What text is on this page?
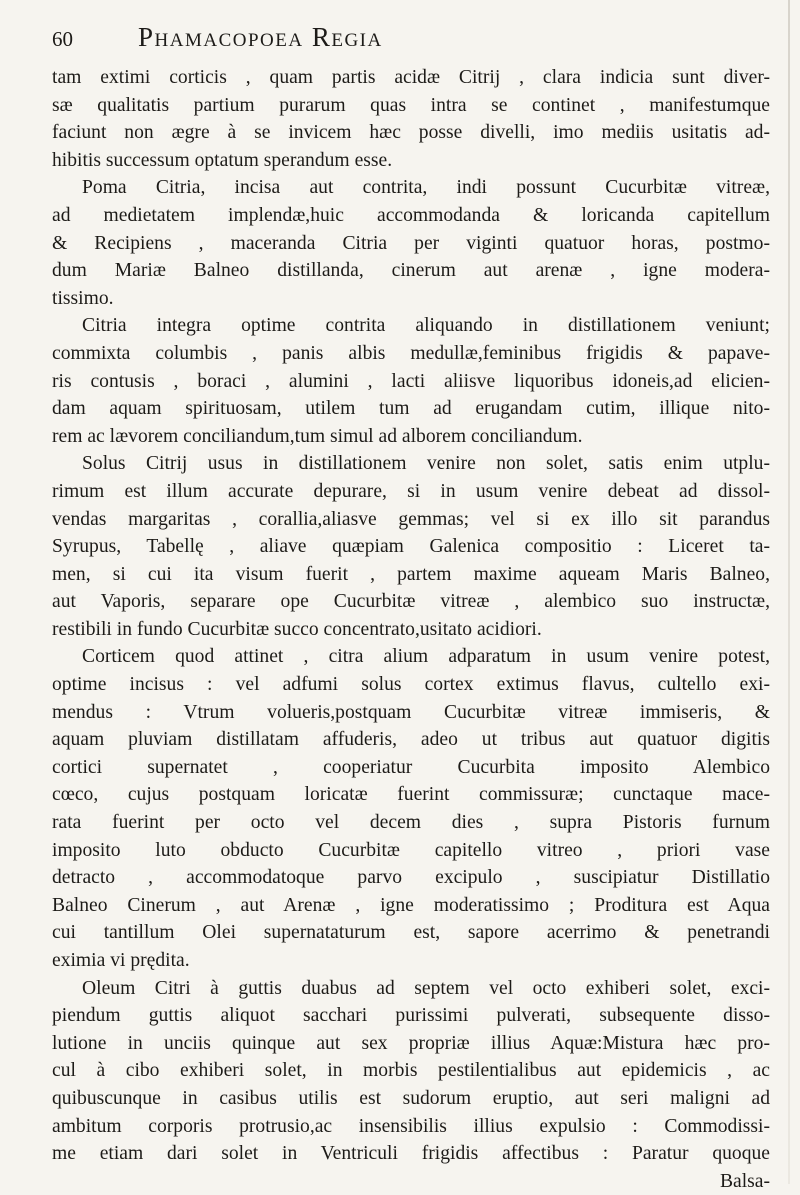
60	Phamacopoea Regia
tam extimi corticis , quam partis acidæ Citrij , clara indicia sunt diver-
sæ qualitatis partium purarum quas intra se continet , manifestumque
faciunt non ægre à se invicem hæc posse divelli, imo mediis usitatis ad-
hibitis successum optatum sperandum esse.
Poma Citria, incisa aut contrita, indi possunt Cucurbitæ vitreæ,
ad medietatem implendæ,huic accommodanda & loricanda capitellum
& Recipiens , maceranda Citria per viginti quatuor horas, postmo-
dum Mariæ Balneo distillanda, cinerum aut arenæ , igne modera-
tissimo.
Citria integra optime contrita aliquando in distillationem veniunt;
commixta columbis , panis albis medullæ,feminibus frigidis & papave-
ris contusis , boraci , alumini , lacti aliisve liquoribus idoneis,ad elicien-
dam aquam spirituosam, utilem tum ad erugandam cutim, illique nito-
rem ac lævorem conciliandum,tum simul ad alborem conciliandum.
Solus Citrij usus in distillationem venire non solet, satis enim utplu-
rimum est illum accurate depurare, si in usum venire debeat ad dissol-
vendas margaritas , corallia,aliasve gemmas; vel si ex illo sit parandus
Syrupus, Tabellę , aliave quæpiam Galenica compositio : Liceret ta-
men, si cui ita visum fuerit , partem maxime aqueam Maris Balneo,
aut Vaporis, separare ope Cucurbitæ vitreæ , alembico suo instructæ,
restibili in fundo Cucurbitæ succo concentrato,usitato acidiori.
Corticem quod attinet , citra alium adparatum in usum venire potest,
optime incisus : vel adfumi solus cortex extimus flavus, cultello exi-
mendus : Vtrum volueris,postquam Cucurbitæ vitreæ immiseris, &
aquam pluviam distillatam affuderis, adeo ut tribus aut quatuor digitis
cortici supernatet , cooperiatur Cucurbita imposito Alembico
cœco, cujus postquam loricatæ fuerint commissuræ; cunctaque mace-
rata fuerint per octo vel decem dies , supra Pistoris furnum
imposito luto obducto Cucurbitæ capitello vitreo , priori vase
detracto , accommodatoque parvo excipulo , suscipiatur Distillatio
Balneo Cinerum , aut Arenæ , igne moderatissimo ; Proditura est Aqua
cui tantillum Olei supernataturum est, sapore acerrimo & penetrandi
eximia vi prędita.
Oleum Citri à guttis duabus ad septem vel octo exhiberi solet, exci-
piendum guttis aliquot sacchari purissimi pulverati, subsequente disso-
lutione in unciis quinque aut sex propriæ illius Aquæ:Mistura hæc pro-
cul à cibo exhiberi solet, in morbis pestilentialibus aut epidemicis , ac
quibuscunque in casibus utilis est sudorum eruptio, aut seri maligni ad
ambitum corporis protrusio,ac insensibilis illius expulsio : Commodissi-
me etiam dari solet in Ventriculi frigidis affectibus : Paratur quoque
Balsa-
